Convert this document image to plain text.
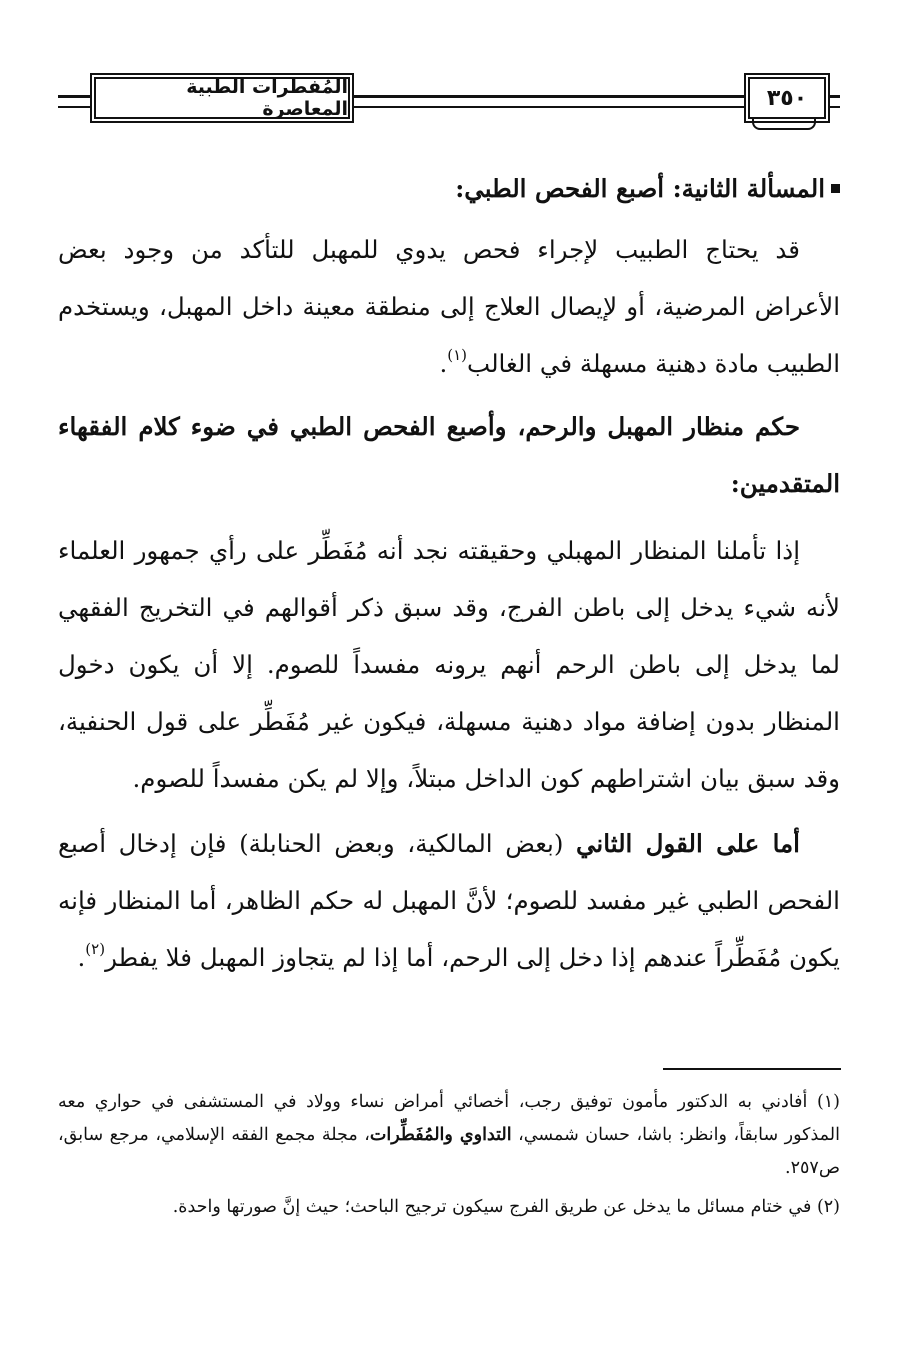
٣٥٠
المُفطرات الطبية المعاصرة

المسألة الثانية: أصبع الفحص الطبي:

قد يحتاج الطبيب لإجراء فحص يدوي للمهبل للتأكد من وجود بعض الأعراض المرضية، أو لإيصال العلاج إلى منطقة معينة داخل المهبل، ويستخدم الطبيب مادة دهنية مسهلة في الغالب$^{(١)}$.

حكم منظار المهبل والرحم، وأصبع الفحص الطبي في ضوء كلام الفقهاء المتقدمين:

إذا تأملنا المنظار المهبلي وحقيقته نجد أنه مُفَطِّر على رأي جمهور العلماء لأنه شيء يدخل إلى باطن الفرج، وقد سبق ذكر أقوالهم في التخريج الفقهي لما يدخل إلى باطن الرحم أنهم يرونه مفسداً للصوم. إلا أن يكون دخول المنظار بدون إضافة مواد دهنية مسهلة، فيكون غير مُفَطِّر على قول الحنفية، وقد سبق بيان اشتراطهم كون الداخل مبتلاً، وإلا لم يكن مفسداً للصوم.

أما على القول الثاني (بعض المالكية، وبعض الحنابلة) فإن إدخال أصبع الفحص الطبي غير مفسد للصوم؛ لأنَّ المهبل له حكم الظاهر، أما المنظار فإنه يكون مُفَطِّراً عندهم إذا دخل إلى الرحم، أما إذا لم يتجاوز المهبل فلا يفطر$^{(٢)}$.

(١) أفادني به الدكتور مأمون توفيق رجب، أخصائي أمراض نساء وولاد في المستشفى في حواري معه المذكور سابقاً، وانظر: باشا، حسان شمسي، التداوي والمُفَطِّرات، مجلة مجمع الفقه الإسلامي، مرجع سابق، ص٢٥٧.

(٢) في ختام مسائل ما يدخل عن طريق الفرج سيكون ترجيح الباحث؛ حيث إنَّ صورتها واحدة.
